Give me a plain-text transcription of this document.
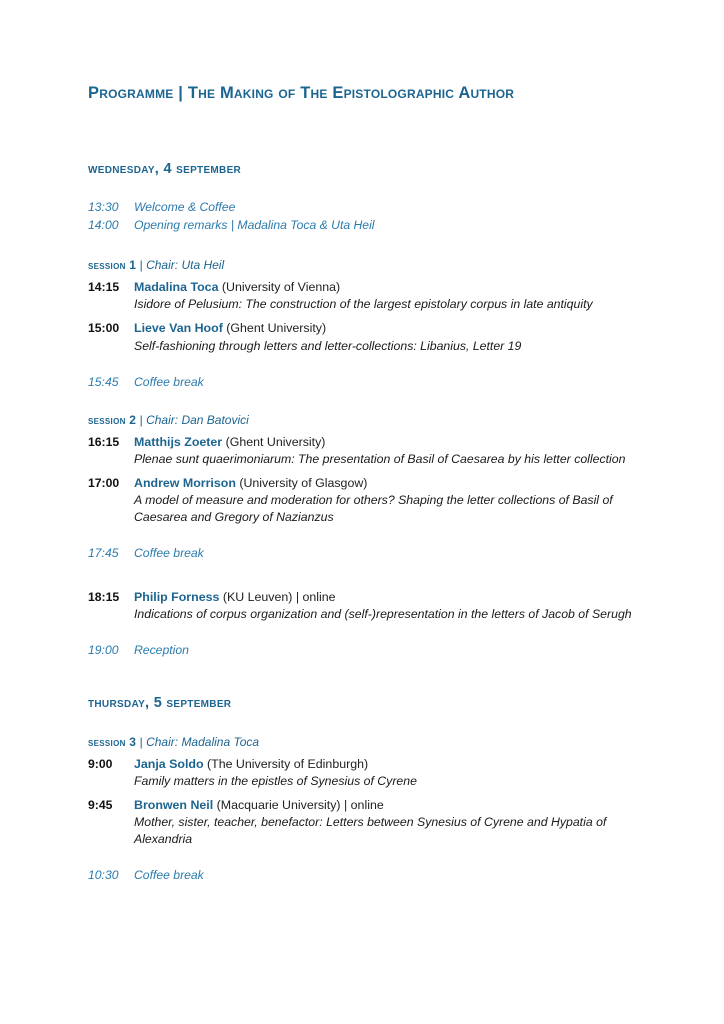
Programme | The Making of The Epistolographic Author
wednesday, 4 september
13:30	Welcome & Coffee
14:00	Opening remarks | Madalina Toca & Uta Heil
session 1 | Chair: Uta Heil
14:15	Madalina Toca (University of Vienna)
Isidore of Pelusium: The construction of the largest epistolary corpus in late antiquity
15:00	Lieve Van Hoof (Ghent University)
Self-fashioning through letters and letter-collections: Libanius, Letter 19
15:45	Coffee break
session 2 | Chair: Dan Batovici
16:15	Matthijs Zoeter (Ghent University)
Plenae sunt quaerimoniarum: The presentation of Basil of Caesarea by his letter collection
17:00	Andrew Morrison (University of Glasgow)
A model of measure and moderation for others? Shaping the letter collections of Basil of Caesarea and Gregory of Nazianzus
17:45	Coffee break
18:15	Philip Forness (KU Leuven) | online
Indications of corpus organization and (self-)representation in the letters of Jacob of Serugh
19:00	Reception
thursday, 5 september
session 3 | Chair: Madalina Toca
9:00	Janja Soldo (The University of Edinburgh)
Family matters in the epistles of Synesius of Cyrene
9:45	Bronwen Neil (Macquarie University) | online
Mother, sister, teacher, benefactor: Letters between Synesius of Cyrene and Hypatia of Alexandria
10:30	Coffee break
